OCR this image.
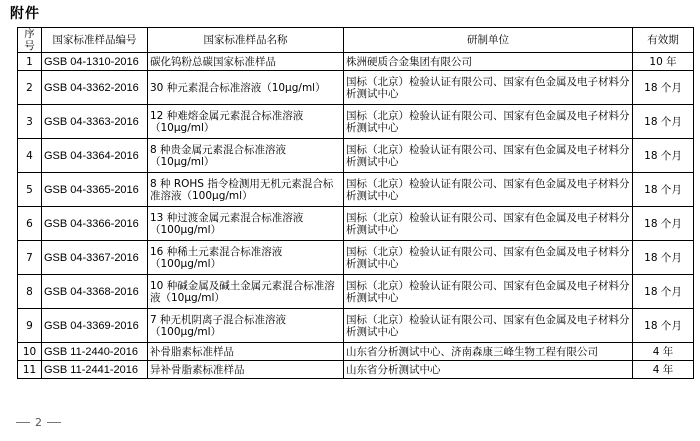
附件
序号	国家标准样品编号	国家标准样品名称	研制单位	有效期
1	GSB 04-1310-2016	碳化钨粉总碳国家标准样品	株洲硬质合金集团有限公司	10 年
2	GSB 04-3362-2016	30 种元素混合标准溶液（10μg/ml）	国标（北京）检验认证有限公司、国家有色金属及电子材料分析测试中心	18 个月
3	GSB 04-3363-2016	12 种难熔金属元素混合标准溶液（10μg/ml）	国标（北京）检验认证有限公司、国家有色金属及电子材料分析测试中心	18 个月
4	GSB 04-3364-2016	8 种贵金属元素混合标准溶液（10μg/ml）	国标（北京）检验认证有限公司、国家有色金属及电子材料分析测试中心	18 个月
5	GSB 04-3365-2016	8 种 ROHS 指令检测用无机元素混合标准溶液（100μg/ml）	国标（北京）检验认证有限公司、国家有色金属及电子材料分析测试中心	18 个月
6	GSB 04-3366-2016	13 种过渡金属元素混合标准溶液（100μg/ml）	国标（北京）检验认证有限公司、国家有色金属及电子材料分析测试中心	18 个月
7	GSB 04-3367-2016	16 种稀土元素混合标准溶液（100μg/ml）	国标（北京）检验认证有限公司、国家有色金属及电子材料分析测试中心	18 个月
8	GSB 04-3368-2016	10 种碱金属及碱土金属元素混合标准溶液（10μg/ml）	国标（北京）检验认证有限公司、国家有色金属及电子材料分析测试中心	18 个月
9	GSB 04-3369-2016	7 种无机阴离子混合标准溶液（100μg/ml）	国标（北京）检验认证有限公司、国家有色金属及电子材料分析测试中心	18 个月
10	GSB 11-2440-2016	补骨脂素标准样品	山东省分析测试中心、济南森康三峰生物工程有限公司	4 年
11	GSB 11-2441-2016	异补骨脂素标准样品	山东省分析测试中心	4 年
2
